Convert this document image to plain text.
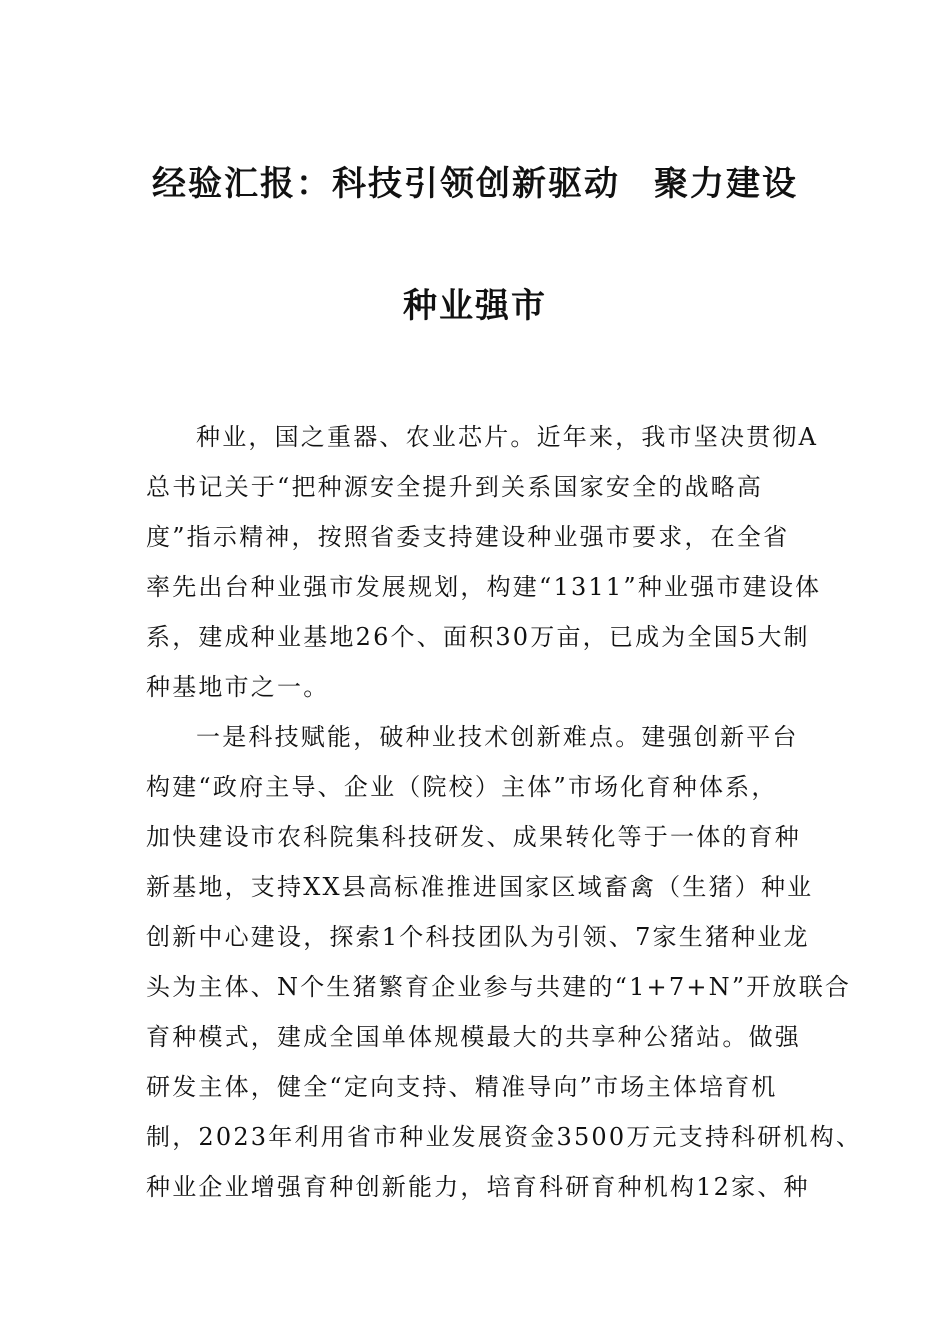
经验汇报：科技引领创新驱动 聚力建设
种业强市
种业，国之重器、农业芯片。近年来，我市坚决贯彻A
总书记关于“把种源安全提升到关系国家安全的战略高
度”指示精神，按照省委支持建设种业强市要求，在全省
率先出台种业强市发展规划，构建“1311”种业强市建设体
系，建成种业基地26个、面积30万亩，已成为全国5大制
种基地市之一。
一是科技赋能，破种业技术创新难点。建强创新平台
构建“政府主导、企业（院校）主体”市场化育种体系，
加快建设市农科院集科技研发、成果转化等于一体的育种
新基地，支持XX县高标准推进国家区域畜禽（生猪）种业
创新中心建设，探索1个科技团队为引领、7家生猪种业龙
头为主体、N个生猪繁育企业参与共建的“1+7+N”开放联合
育种模式，建成全国单体规模最大的共享种公猪站。做强
研发主体，健全“定向支持、精准导向”市场主体培育机
制，2023年利用省市种业发展资金3500万元支持科研机构、
种业企业增强育种创新能力，培育科研育种机构12家、种
